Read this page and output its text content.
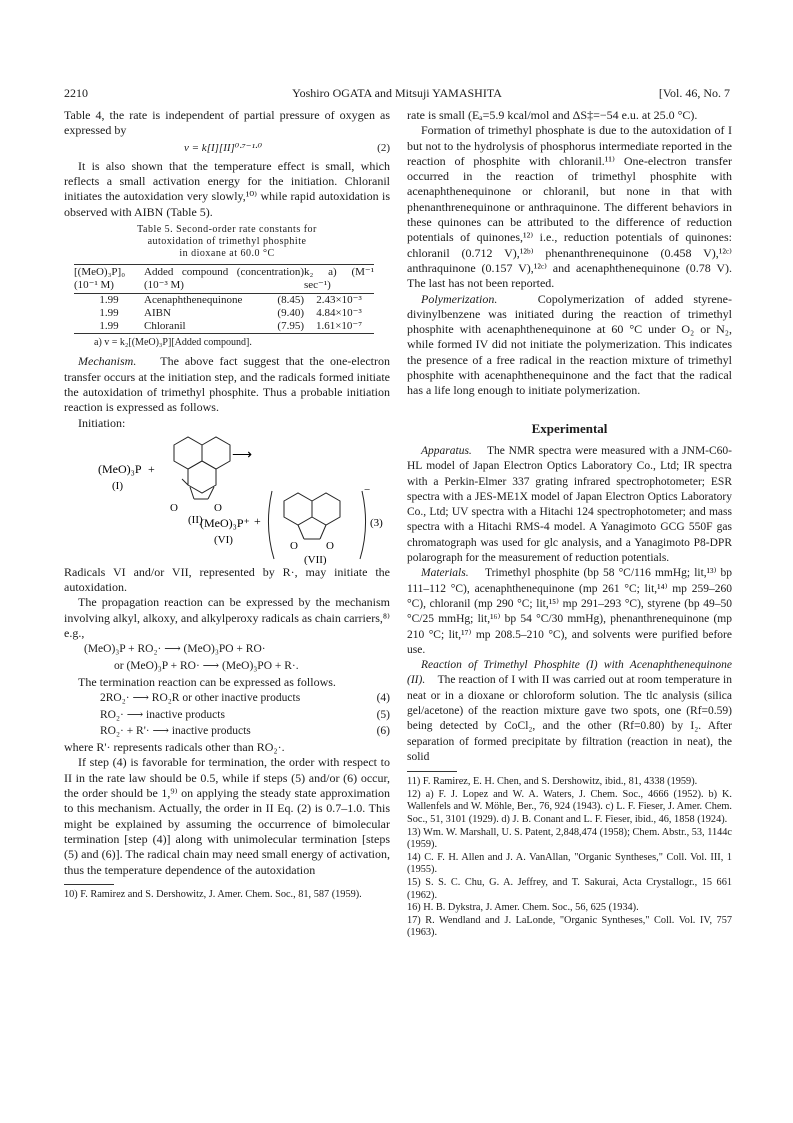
2210	Yoshiro OGATA and Mitsuji YAMASHITA	[Vol. 46, No. 7

Table 4, the rate is independent of partial pressure of oxygen as expressed by

v = k[I][II]⁰·⁷⁻¹·⁰	(2)

It is also shown that the temperature effect is small, which reflects a small activation energy for the initiation. Chloranil initiates the autoxidation very slowly,¹⁰⁾ while rapid autoxidation is observed with AIBN (Table 5).

Table 5. Second-order rate constants for
autoxidation of trimethyl phosphite
in dioxane at 60.0 °C
[(MeO)₃P]₀ (10⁻¹ M)	Added compound (concentration) (10⁻³ M)	k₂ a) (M⁻¹ sec⁻¹)
1.99	Acenaphthenequinone (8.45)	2.43×10⁻³
1.99	AIBN (9.40)	4.84×10⁻³
1.99	Chloranil (7.95)	1.61×10⁻⁷
a) v = k₂[(MeO)₃P][Added compound].

Mechanism. The above fact suggest that the one-electron transfer occurs at the initiation step, and the radicals formed initiate the autoxidation of trimethyl phosphite. Thus a probable initiation reaction is expressed as follows.

Initiation:

(MeO)₃P +
(I)
⟶
O	O
(II)
(MeO)₃P⁺ +
(VI)
−
(3)
O	O
(VII)

Radicals VI and/or VII, represented by R·, may initiate the autoxidation.

The propagation reaction can be expressed by the mechanism involving alkyl, alkoxy, and alkylperoxy radicals as chain carriers,⁸⁾ e.g.,

(MeO)₃P + RO₂· ⟶ (MeO)₃PO + RO·
or (MeO)₃P + RO· ⟶ (MeO)₃PO + R·.

The termination reaction can be expressed as follows.

2RO₂· ⟶ RO₂R or other inactive products	(4)
RO₂· ⟶ inactive products	(5)
RO₂· + R'· ⟶ inactive products	(6)

where R'· represents radicals other than RO₂·.

If step (4) is favorable for termination, the order with respect to II in the rate law should be 0.5, while if steps (5) and/or (6) occur, the order should be 1,⁹⁾ on applying the steady state approximation to this mechanism. Actually, the order in II Eq. (2) is 0.7–1.0. This might be explained by assuming the occurrence of bimolecular termination [step (4)] along with unimolecular termination [steps (5) and (6)]. The radical chain may need small energy of activation, thus the temperature dependence of the autoxidation

10) F. Ramirez and S. Dershowitz, J. Amer. Chem. Soc., 81, 587 (1959).

rate is small (Eₐ=5.9 kcal/mol and ΔS‡=−54 e.u. at 25.0 °C).

Formation of trimethyl phosphate is due to the autoxidation of I but not to the hydrolysis of phosphorus intermediate reported in the reaction of phosphite with chloranil.¹¹⁾ One-electron transfer occurred in the reaction of trimethyl phosphite with acenaphthenequinone or chloranil, but none in that with phenanthrenequinone or anthraquinone. The different behaviors in these quinones can be attributed to the difference of reduction potentials of quinones,¹²⁾ i.e., reduction potentials of quinones: chloranil (0.712 V),¹²ᵇ⁾ phenanthrenequinone (0.458 V),¹²ᶜ⁾ anthraquinone (0.157 V),¹²ᶜ⁾ and acenaphthenequinone (0.78 V). The last has not been reported.

Polymerization.	Copolymerization of added styrene-divinylbenzene was initiated during the reaction of trimethyl phosphite with acenaphthenequinone at 60 °C under O₂ or N₂, while formed IV did not initiate the polymerization. This indicates the presence of a free radical in the reaction mixture of trimethyl phosphite with acenaphthenequinone and the fact that the radical has a life long enough to initiate polymerization.

Experimental

Apparatus. The NMR spectra were measured with a JNM-C60-HL model of Japan Electron Optics Laboratory Co., Ltd; IR spectra with a Perkin-Elmer 337 grating infrared spectrophotometer; ESR spectra with a JES-ME1X model of Japan Electron Optics Laboratory Co., Ltd; UV spectra with a Hitachi 124 spectrophotometer; and mass spectra with a Hitachi RMS-4 model. A Yanagimoto GCG 550F gas chromatograph was used for glc analysis, and a Yanagimoto P8-DPR polarograph for the measurement of reduction potentials.

Materials. Trimethyl phosphite (bp 58 °C/116 mmHg; lit,¹³⁾ bp 111–112 °C), acenaphthenequinone (mp 261 °C; lit,¹⁴⁾ mp 259–260 °C), chloranil (mp 290 °C; lit,¹⁵⁾ mp 291–293 °C), styrene (bp 49–50 °C/25 mmHg; lit,¹⁶⁾ bp 54 °C/30 mmHg), phenanthrenequinone (mp 210 °C; lit,¹⁷⁾ mp 208.5–210 °C), and solvents were purified before use.

Reaction of Trimethyl Phosphite (I) with Acenaphthenequinone (II). The reaction of I with II was carried out at room temperature in neat or in a dioxane or chloroform solution. The tlc analysis (silica gel/acetone) of the reaction mixture gave two spots, one (Rf=0.59) being detected by CoCl₂, and the other (Rf=0.80) by I₂. After separation of formed precipitate by filtration (reaction in neat), the solid

11) F. Ramirez, E. H. Chen, and S. Dershowitz, ibid., 81, 4338 (1959).

12) a) F. J. Lopez and W. A. Waters, J. Chem. Soc., 4666 (1952). b) K. Wallenfels and W. Möhle, Ber., 76, 924 (1943). c) L. F. Fieser, J. Amer. Chem. Soc., 51, 3101 (1929). d) J. B. Conant and L. F. Fieser, ibid., 46, 1858 (1924).

13) Wm. W. Marshall, U. S. Patent, 2,848,474 (1958); Chem. Abstr., 53, 1144c (1959).

14) C. F. H. Allen and J. A. VanAllan, "Organic Syntheses," Coll. Vol. III, 1 (1955).

15) S. S. C. Chu, G. A. Jeffrey, and T. Sakurai, Acta Crystallogr., 15 661 (1962).

16) H. B. Dykstra, J. Amer. Chem. Soc., 56, 625 (1934).

17) R. Wendland and J. LaLonde, "Organic Syntheses," Coll. Vol. IV, 757 (1963).
